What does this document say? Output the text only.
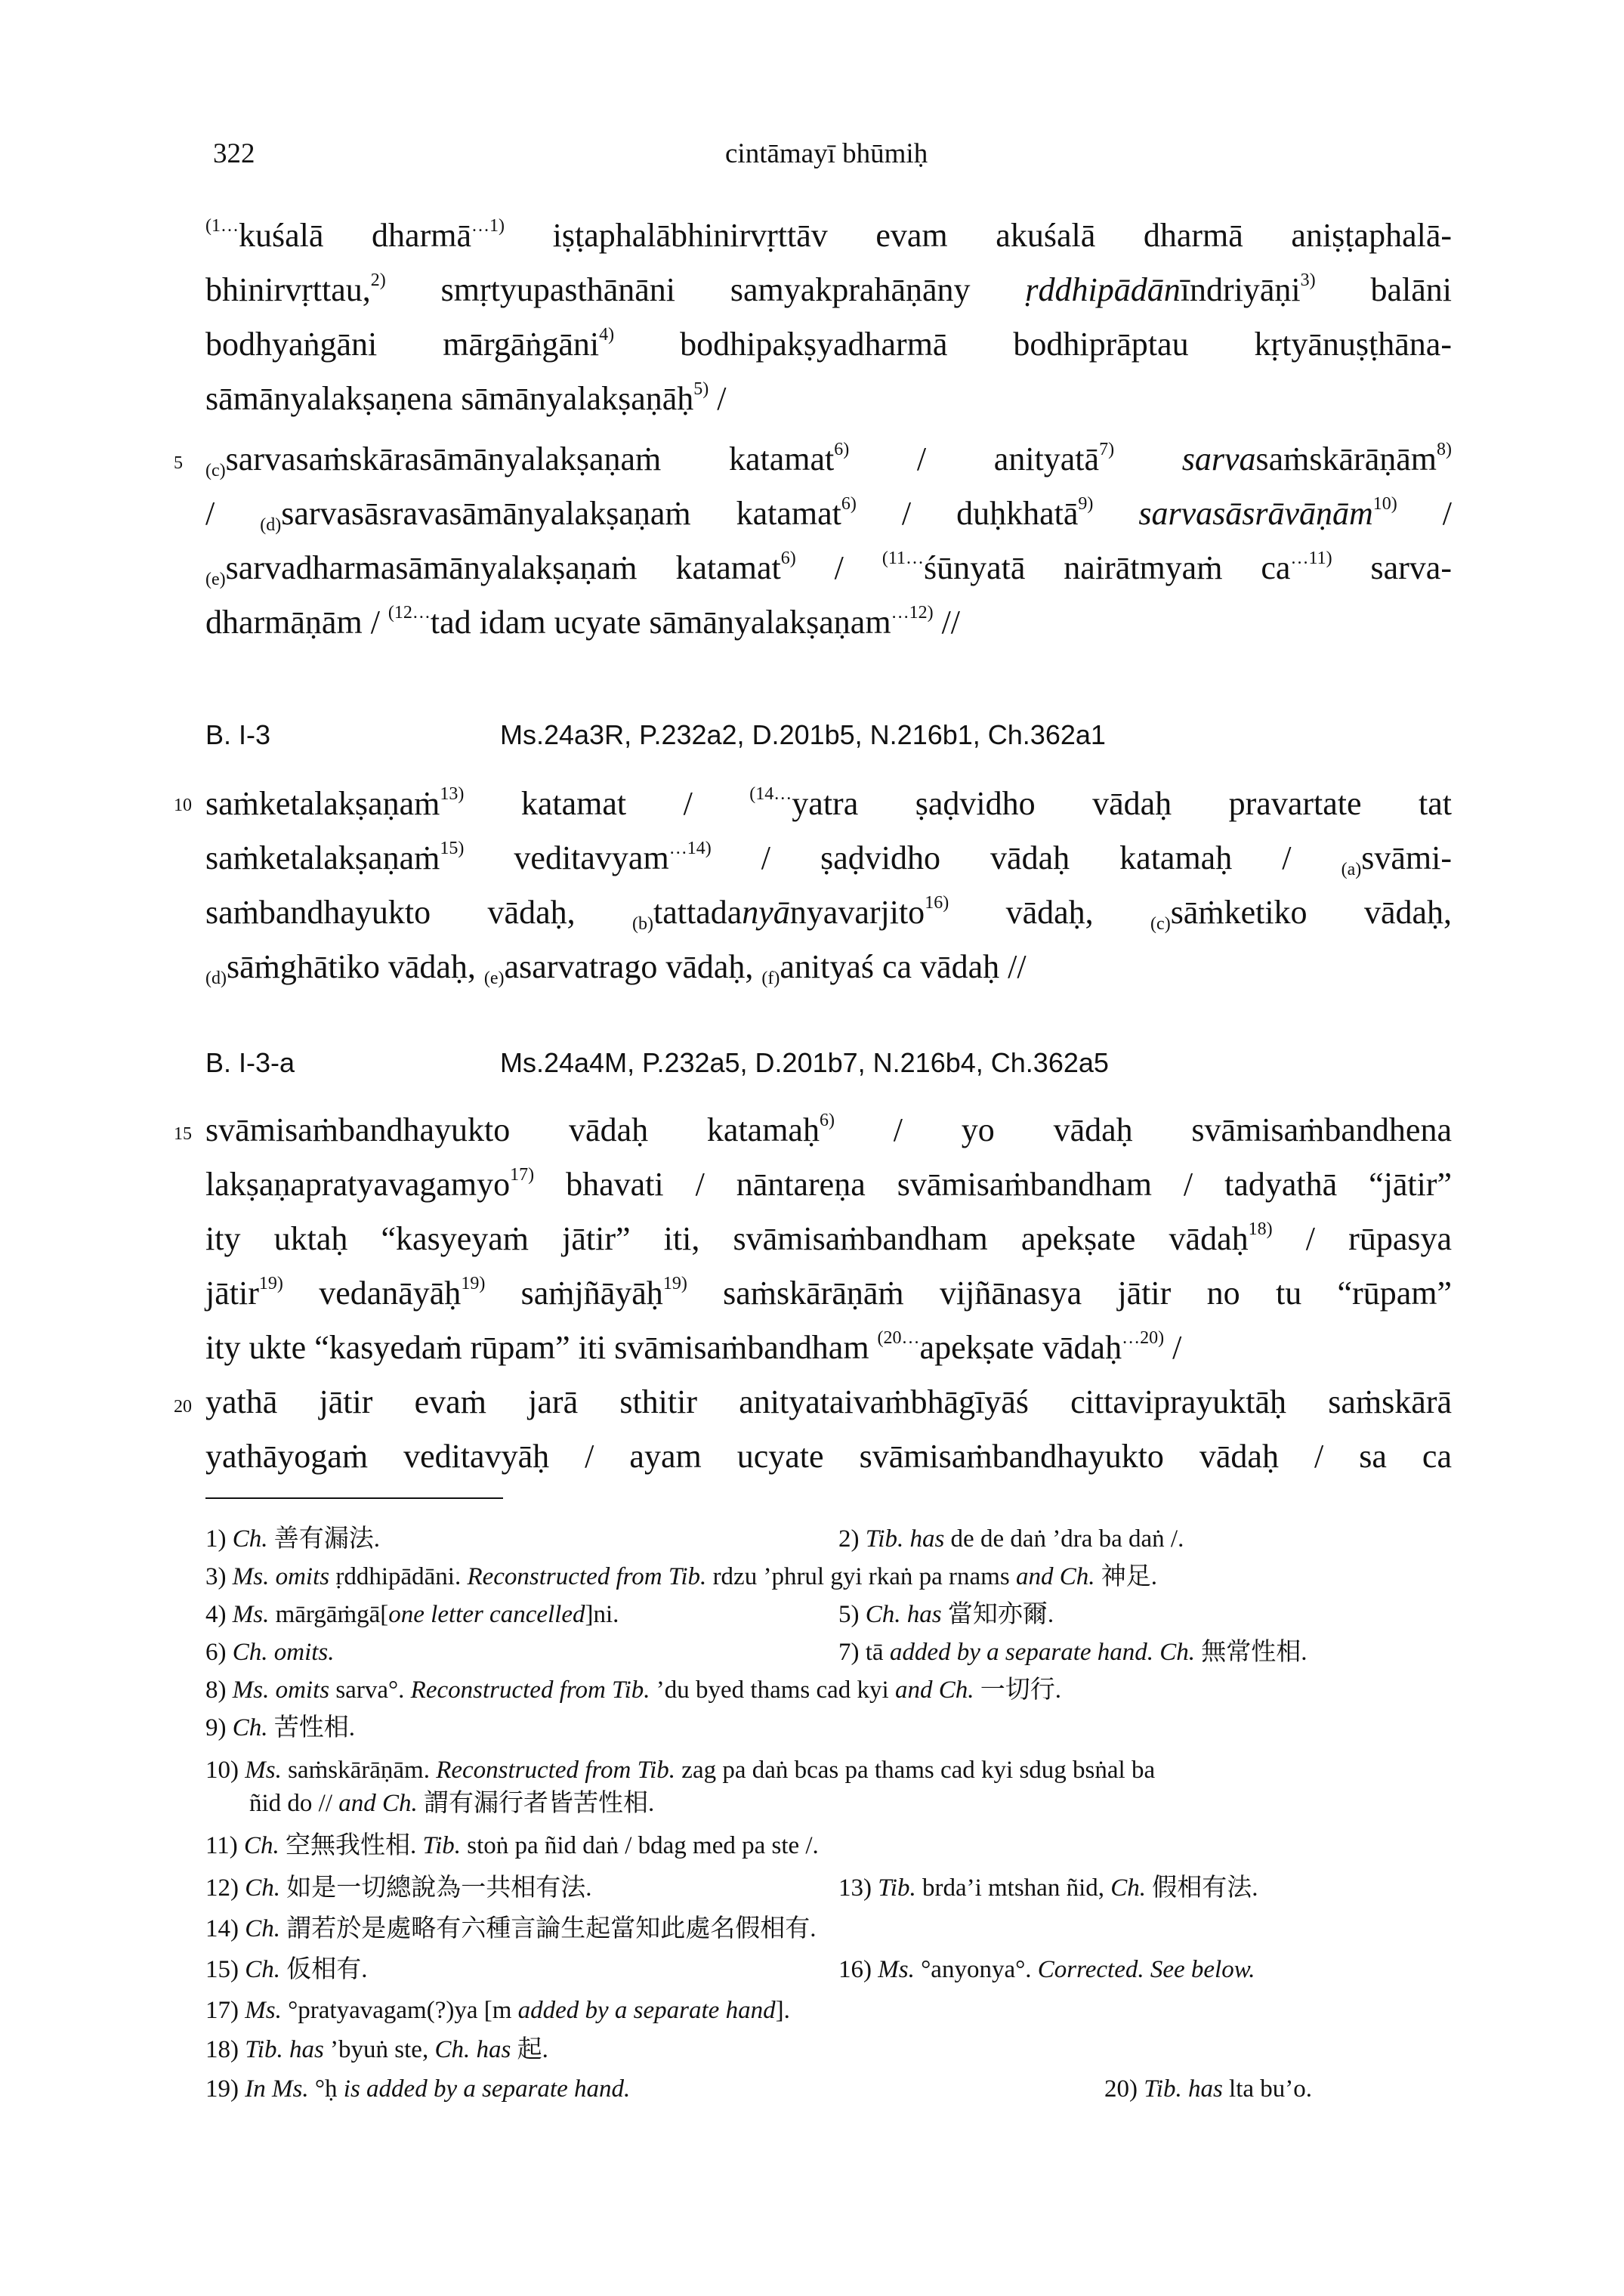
322	cintāmayī bhūmiḥ
$^{(1\dots}$kuśalā dharmā$^{\dots 1)}$ iṣṭaphalābhinirvṛttāv evam akuśalā dharmā aniṣṭaphalā-
bhinirvṛttau,$^{2)}$ smṛtyupasthānāni samyakprahāṇāny ṛddhipādānīndriyāṇi$^{3)}$ balāni
bodhyaṅgāni mārgāṅgāni$^{4)}$ bodhipakṣyadharmā bodhiprāptau kṛtyānuṣṭhāna-
sāmānyalakṣaṇena sāmānyalakṣaṇāḥ$^{5)}$ /
5 $_{(c)}$sarvasaṁskārasāmānyalakṣaṇaṁ katamat$^{6)}$ / anityatā$^{7)}$ sarvasaṁskārāṇām$^{8)}$
/ $_{(d)}$sarvasāsravasāmānyalakṣaṇaṁ katamat$^{6)}$ / duḥkhatā$^{9)}$ sarvasāsrāvāṇām$^{10)}$ /
$_{(e)}$sarvadharmasāmānyalakṣaṇaṁ katamat$^{6)}$ / $^{(11\dots}$śūnyatā nairātmyaṁ $ca^{\dots 11)}$ sarva-
dharmāṇām / $^{(12\dots}$tad idam ucyate sāmānyalakṣaṇam$^{\dots 12)}$ //
B. I-3	Ms.24a3R, P.232a2, D.201b5, N.216b1, Ch.362a1
10 saṁketalakṣaṇaṁ$^{13)}$ katamat / $^{(14\dots}$yatra ṣaḍvidho vādaḥ pravartate tat
saṁketalakṣaṇaṁ$^{15)}$ veditavyam$^{\dots 14)}$ / ṣaḍvidho vādaḥ katamaḥ / $_{(a)}$svāmi-
saṁbandhayukto vādaḥ, $_{(b)}$tattadanyānyavarjito$^{16)}$ vādaḥ, $_{(c)}$sāṁketiko vādaḥ,
$_{(d)}$sāṁghātiko vādaḥ, $_{(e)}$asarvatrago vādaḥ, $_{(f)}$anityaś ca vādaḥ //
B. I-3-a	Ms.24a4M, P.232a5, D.201b7, N.216b4, Ch.362a5
15 svāmisaṁbandhayukto vādaḥ katamaḥ$^{6)}$ / yo vādaḥ svāmisaṁbandhena
lakṣaṇapratyavagamyo$^{17)}$ bhavati / nāntareṇa svāmisaṁbandham / tadyathā “jātir”
ity uktaḥ “kasyeyaṁ jātir” iti, svāmisaṁbandham apekṣate vādaḥ$^{18)}$ / rūpasya
jātir$^{19)}$ vedanāyāḥ$^{19)}$ saṁjñāyāḥ$^{19)}$ saṁskārāṇāṁ vijñānasya jātir no tu “rūpam”
ity ukte “kasyedaṁ rūpam” iti svāmisaṁbandham $^{(20\dots}$apekṣate vādaḥ$^{\dots 20)}$ /
20 yathā jātir evaṁ jarā sthitir anityataivaṁbhāgīyāś cittaviprayuktāḥ saṁskārā
yathāyogaṁ veditavyāḥ / ayam ucyate svāmisaṁbandhayukto vādaḥ / sa ca
1) Ch. 善有漏法.	2) Tib. has de de daṅ ’dra ba daṅ /.
3) Ms. omits ṛddhipādāni. Reconstructed from Tib. rdzu ’phrul gyi rkaṅ pa rnams and Ch. 神足.
4) Ms. mārgāṁgā[one letter cancelled]ni.	5) Ch. has 當知亦爾.
6) Ch. omits.	7) tā added by a separate hand. Ch. 無常性相.
8) Ms. omits sarva°. Reconstructed from Tib. ’du byed thams cad kyi and Ch. 一切行.
9) Ch. 苦性相.
10) Ms. saṁskārāṇām. Reconstructed from Tib. zag pa daṅ bcas pa thams cad kyi sdug bsṅal ba
ñid do // and Ch. 謂有漏行者皆苦性相.
11) Ch. 空無我性相. Tib. stoṅ pa ñid daṅ / bdag med pa ste /.
12) Ch. 如是一切總說為一共相有法.	13) Tib. brda’i mtshan ñid, Ch. 假相有法.
14) Ch. 謂若於是處略有六種言論生起當知此處名假相有.
15) Ch. 仮相有.	16) Ms. °anyonya°. Corrected. See below.
17) Ms. °pratyavagam(?)ya [m added by a separate hand].
18) Tib. has ’byuṅ ste, Ch. has 起.
19) In Ms. °ḥ is added by a separate hand.	20) Tib. has lta bu’o.
